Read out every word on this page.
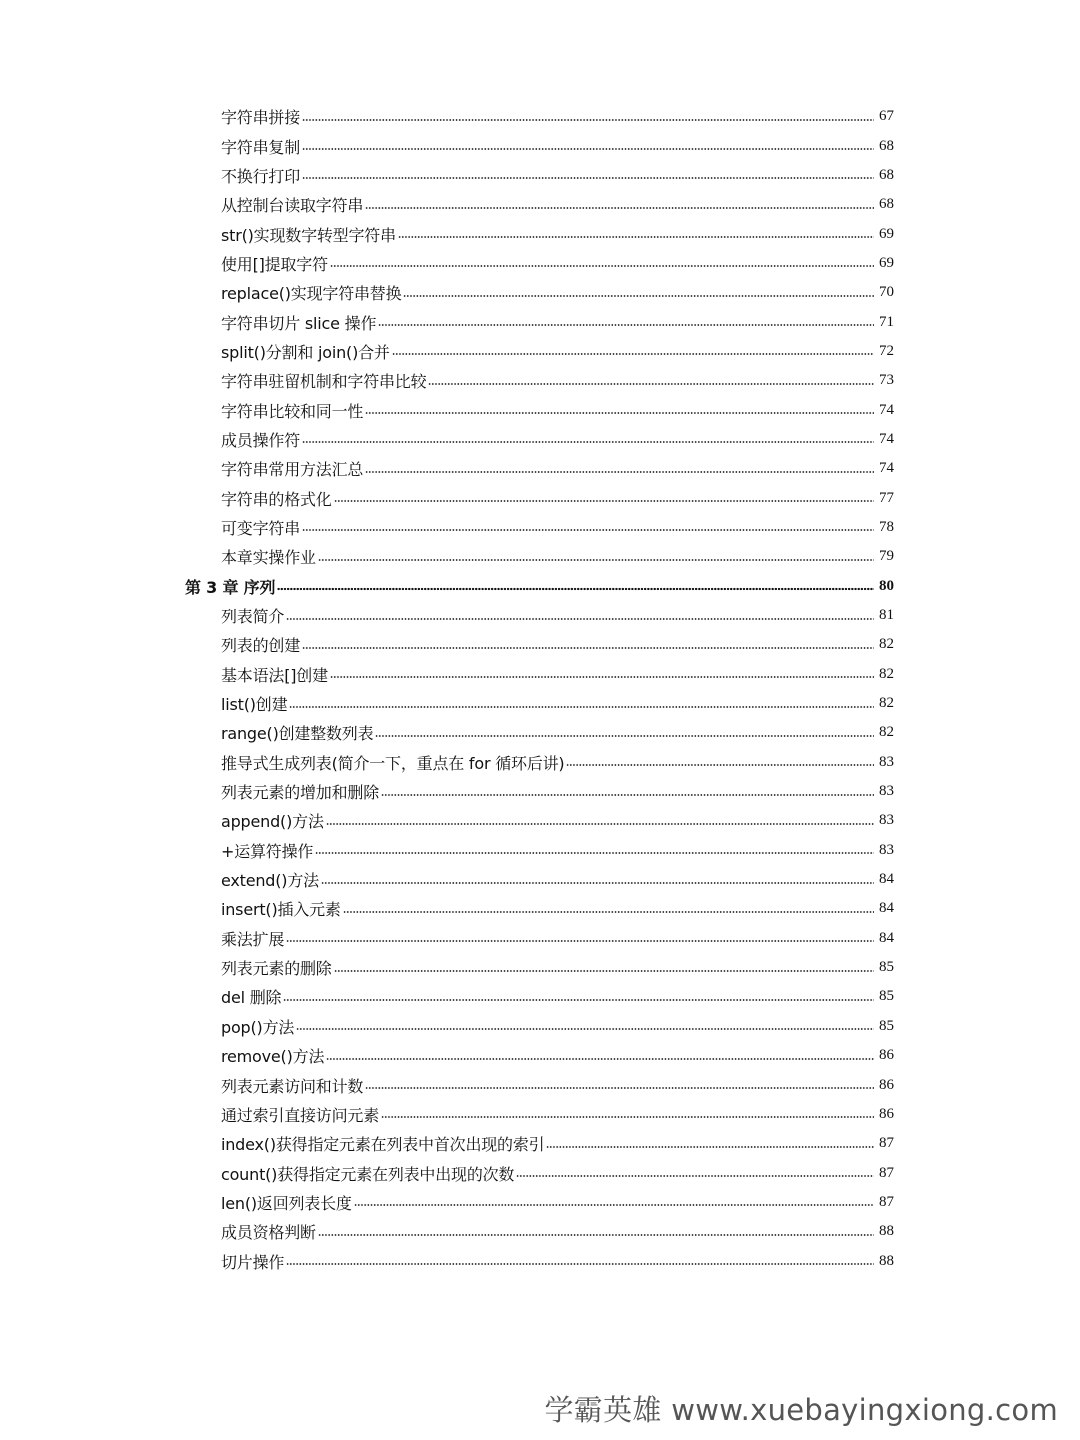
字符串拼接	67
字符串复制	68
不换行打印	68
从控制台读取字符串	68
str()实现数字转型字符串	69
使用[]提取字符	69
replace()实现字符串替换	70
字符串切片 slice 操作	71
split()分割和 join()合并	72
字符串驻留机制和字符串比较	73
字符串比较和同一性	74
成员操作符	74
字符串常用方法汇总	74
字符串的格式化	77
可变字符串	78
本章实操作业	79
第 3 章 序列	80
列表简介	81
列表的创建	82
基本语法[]创建	82
list()创建	82
range()创建整数列表	82
推导式生成列表(简介一下，重点在 for 循环后讲)	83
列表元素的增加和删除	83
append()方法	83
+运算符操作	83
extend()方法	84
insert()插入元素	84
乘法扩展	84
列表元素的删除	85
del 删除	85
pop()方法	85
remove()方法	86
列表元素访问和计数	86
通过索引直接访问元素	86
index()获得指定元素在列表中首次出现的索引	87
count()获得指定元素在列表中出现的次数	87
len()返回列表长度	87
成员资格判断	88
切片操作	88
学霸英雄 www.xuebayingxiong.com
